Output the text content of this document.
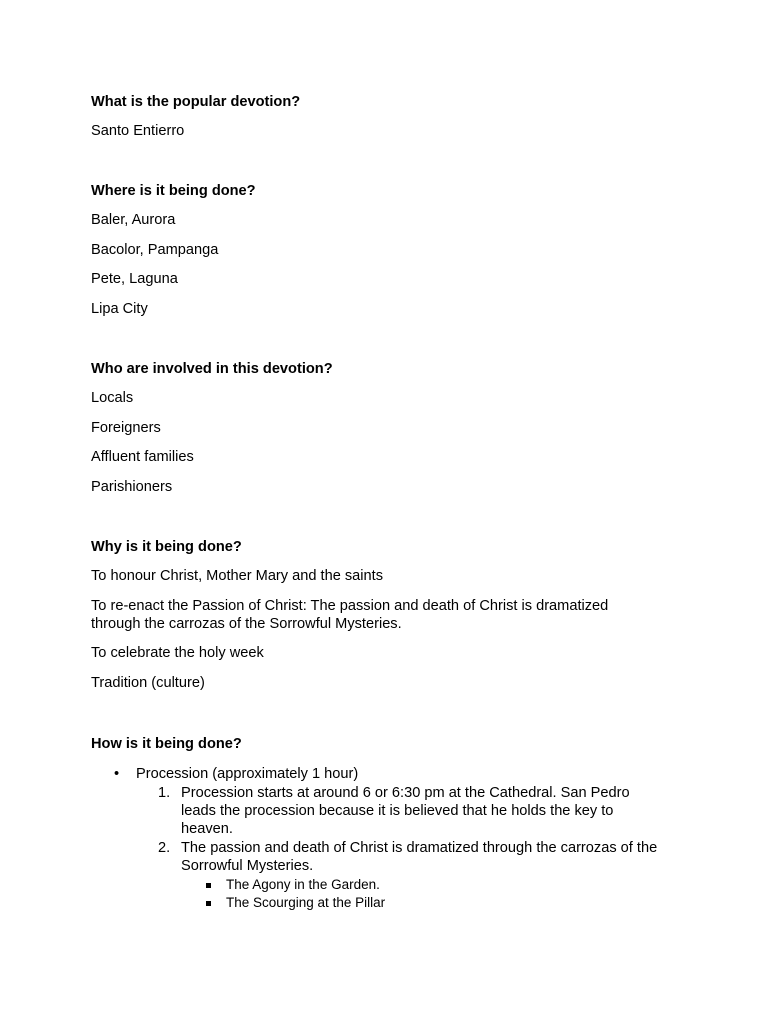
What is the popular devotion?
Santo Entierro
Where is it being done?
Baler, Aurora
Bacolor, Pampanga
Pete, Laguna
Lipa City
Who are involved in this devotion?
Locals
Foreigners
Affluent families
Parishioners
Why is it being done?
To honour Christ, Mother Mary and the saints
To re-enact the Passion of Christ: The passion and death of Christ is dramatized through the carrozas of the Sorrowful Mysteries.
To celebrate the holy week
Tradition (culture)
How is it being done?
• Procession (approximately 1 hour)
1. Procession starts at around 6 or 6:30 pm at the Cathedral. San Pedro leads the procession because it is believed that he holds the key to heaven.
2. The passion and death of Christ is dramatized through the carrozas of the Sorrowful Mysteries.
The Agony in the Garden.
The Scourging at the Pillar
